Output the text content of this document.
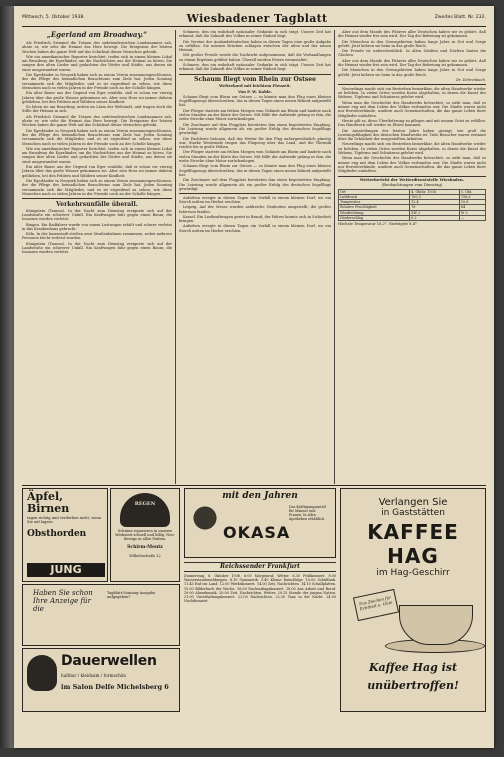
Mittwoch, 5. Oktober 1938.	Wiesbadener Tagblatt	Zweites Blatt. Nr. 232.
„Egerland am Broadway.“

Als Friedrich Grimmel die Tränen des sudetendeutschen Landsmannes sah, ahnte er, wie sehr die Heimat das Herz bewegt. Die Ereignisse der letzten Wochen haben die ganze Welt auf das Schicksal dieser Menschen gelenkt.

Wie ein amerikanischer Reporter berichtet, trafen sich in einem kleinen Lokal am Broadway die Egerländer, um die Nachrichten aus der Heimat zu hören. Sie sangen ihre alten Lieder und gedachten der Dörfer und Städte, aus denen sie einst ausgewandert waren.

Die Egerländer in Neuyork haben sich zu einem Verein zusammengeschlossen, der die Pflege des heimatlichen Brauchtums zum Ziele hat. Jeden Sonntag versammeln sich die Mitglieder, und es ist ergreifend zu sehen, wie diese Menschen nach so vielen Jahren in der Fremde noch an der Scholle hängen.

Ein alter Bauer aus der Gegend von Eger erzählte, daß er schon vor vierzig Jahren über das große Wasser gekommen sei. Aber sein Herz sei immer daheim geblieben, bei den Feldern und Wäldern seiner Kindheit.

So leben sie am Broadway, mitten im Lärm der Weltstadt, und tragen doch die Stille der Heimat in sich.

Als Friedrich Grimmel die Tränen des sudetendeutschen Landsmannes sah, ahnte er, wie sehr die Heimat das Herz bewegt. Die Ereignisse der letzten Wochen haben die ganze Welt auf das Schicksal dieser Menschen gelenkt.

Die Egerländer in Neuyork haben sich zu einem Verein zusammengeschlossen, der die Pflege des heimatlichen Brauchtums zum Ziele hat. Jeden Sonntag versammeln sich die Mitglieder, und es ist ergreifend zu sehen, wie diese Menschen nach so vielen Jahren in der Fremde noch an der Scholle hängen.

Wie ein amerikanischer Reporter berichtet, trafen sich in einem kleinen Lokal am Broadway die Egerländer, um die Nachrichten aus der Heimat zu hören. Sie sangen ihre alten Lieder und gedachten der Dörfer und Städte, aus denen sie einst ausgewandert waren.

Ein alter Bauer aus der Gegend von Eger erzählte, daß er schon vor vierzig Jahren über das große Wasser gekommen sei. Aber sein Herz sei immer daheim geblieben, bei den Feldern und Wäldern seiner Kindheit.

Die Egerländer in Neuyork haben sich zu einem Verein zusammengeschlossen, der die Pflege des heimatlichen Brauchtums zum Ziele hat. Jeden Sonntag versammeln sich die Mitglieder, und es ist ergreifend zu sehen, wie diese Menschen nach so vielen Jahren in der Fremde noch an der Scholle hängen.

Verkehrsunfälle überall.

Königstein (Taunus). In der Nacht zum Dienstag ereignete sich auf der Landstraße ein schwerer Unfall. Ein Kraftwagen fuhr gegen einen Baum; die Insassen wurden verletzt.

Bingen. Ein Radfahrer wurde von einem Lastwagen erfaßt und schwer verletzt in das Krankenhaus gebracht.

Köln. In der Innenstadt stießen zwei Straßenbahnen zusammen, wobei mehrere Personen leicht verletzt wurden.

Königstein (Taunus). In der Nacht zum Dienstag ereignete sich auf der Landstraße ein schwerer Unfall. Ein Kraftwagen fuhr gegen einen Baum; die Insassen wurden verletzt.

Schmerz, den ein wahrhaft nationaler Gedanke in sich trägt. Unsere Zeit hat erkannt, daß die Zukunft des Volkes in seiner Einheit liegt.

Die Vereine der Auslandsdeutschen haben in diesen Tagen eine große Aufgabe zu erfüllen. Sie müssen Brücken schlagen zwischen der alten und der neuen Heimat.

Mit großer Freude wurde die Nachricht aufgenommen, daß die Verhandlungen zu einem Ergebnis geführt haben. Überall wurden Feiern veranstaltet.

Schmerz, den ein wahrhaft nationaler Gedanke in sich trägt. Unsere Zeit hat erkannt, daß die Zukunft des Volkes in seiner Einheit liegt.

Schaum fliegt vom Rhein zur Ostsee
Weltrekord mit leichtem Fleuzeit.
Von P. W. Kahle.

Schaum fliegt vom Rhein zur Ostsee — so könnte man den Flug eines kleinen Segelflugzeugs überschreiben, das in diesen Tagen einen neuen Rekord aufgestellt hat.

Der Flieger startete am frühen Morgen vom Gelände am Rhein und landete nach vielen Stunden an der Küste der Ostsee. Mit Hilfe der Aufwinde gelang es ihm, die weite Strecke ohne Motor zurückzulegen.

Die Zuschauer auf dem Flugplatz bereiteten ihm einen begeisterten Empfang. Die Leistung wurde allgemein als ein großer Erfolg des deutschen Segelflugs gewürdigt.

Die Fachleute betonen, daß das Wetter für den Flug außergewöhnlich günstig war. Starke Westwinde trugen das Flugzeug über das Land, und die Thermik reichte bis in große Höhen.

Der Flieger startete am frühen Morgen vom Gelände am Rhein und landete nach vielen Stunden an der Küste der Ostsee. Mit Hilfe der Aufwinde gelang es ihm, die weite Strecke ohne Motor zurückzulegen.

Schaum fliegt vom Rhein zur Ostsee — so könnte man den Flug eines kleinen Segelflugzeugs überschreiben, das in diesen Tagen einen neuen Rekord aufgestellt hat.

Die Zuschauer auf dem Flugplatz bereiteten ihm einen begeisterten Empfang. Die Leistung wurde allgemein als ein großer Erfolg des deutschen Segelflugs gewürdigt.

Aufsehen erregte in diesen Tagen ein Vorfall in einem kleinen Dorf, wo ein Storch mitten im Herbst erschien.

Leipzig. Auf der Messe wurden zahlreiche Neuheiten ausgestellt, die großes Interesse fanden.

Kassel. Ein Lastkraftwagen geriet in Brand; der Fahrer konnte sich in Sicherheit bringen.

Aufsehen erregte in diesen Tagen ein Vorfall in einem kleinen Dorf, wo ein Storch mitten im Herbst erschien.

Aber aus dem Munde des Führers aller Deutschen haben wir es gehört, daß die Heimat wieder frei sein wird. Der Tag der Befreiung ist gekommen.

Die Menschen in den Grenzgebieten haben lange Jahre in Not und Sorge gelebt. Jetzt kehren sie heim in das große Reich.

Die Freude ist unbeschreiblich. In allen Städten und Dörfern läuten die Glocken.

Aber aus dem Munde des Führers aller Deutschen haben wir es gehört, daß die Heimat wieder frei sein wird. Der Tag der Befreiung ist gekommen.

Die Menschen in den Grenzgebieten haben lange Jahre in Not und Sorge gelebt. Jetzt kehren sie heim in das große Reich.

Dr. Dehrenbach.

Neuerdings macht sich ein Bestreben bemerkbar, die alten Handwerke wieder zu beleben. In vielen Orten werden Kurse abgehalten, in denen die Kunst des Webens, Töpferns und Schnitzens gelehrt wird.

Wenn man die Geschichte des Handwerks betrachtet, so sieht man, daß es immer eng mit dem Leben des Volkes verbunden war. Die Zünfte waren nicht nur Berufsverbände, sondern auch Gemeinschaften, die das ganze Leben ihrer Mitglieder umfaßten.

Heute gilt es, diese Überlieferung zu pflegen und mit neuem Geist zu erfüllen. Das Handwerk soll wieder zu Ehren kommen.

Die Ausstellungen der letzten Jahre haben gezeigt, wie groß die Leistungsfähigkeit des deutschen Handwerks ist. Viele Besucher waren erstaunt über die Schönheit der ausgestellten Arbeiten.

Neuerdings macht sich ein Bestreben bemerkbar, die alten Handwerke wieder zu beleben. In vielen Orten werden Kurse abgehalten, in denen die Kunst des Webens, Töpferns und Schnitzens gelehrt wird.

Wenn man die Geschichte des Handwerks betrachtet, so sieht man, daß es immer eng mit dem Leben des Volkes verbunden war. Die Zünfte waren nicht nur Berufsverbände, sondern auch Gemeinschaften, die das ganze Leben ihrer Mitglieder umfaßten.

Wetterbericht der Wetterdienststelle Wiesbaden.
(Beobachtungen vom Dienstag)
Ort	4. Oktbr. 1938	5. Okt.
Luftdruck	760,3	758,6
Temperatur	12,4	10,8
Relative Feuchtigkeit	78	84
Windrichtung	SW 2	W 3
Niederschlag	0,2	—
Höchste Temperatur 16,2°. Niedrigste 8,4°.
Äpfel, Birnen
tagen richtig und verderben nicht, wenn Sie auf lagern.
Obsthorden
JUNG
REGEN
Schirme reparieren in unserer Werkstatt schnell und billig. Neu-Bezüge in allen Farben.
Schirm-Mentz
Wilhelmstraße 22
Haben Sie schon Ihre Anzeige für die
Tagblatt-Sonntag-Ausgabe aufgegeben?
Dauerwellen
haltbar / kleidsam / formschön
im Salon Delfe Michelsberg 6
mit den Jahren
OKASA
Das Kräftigungsmittel für Männer und Frauen. In allen Apotheken erhältlich.
Reichssender Frankfurt
Donnerstag, 6. Oktober 1938. 6.00 Morgenruf, Wetter. 6.30 Frühkonzert. 8.00 Wasserstandsmeldungen. 8.10 Gymnastik. 9.40 Kleine Ratschläge. 10.00 Schulfunk. 11.45 Ruf ins Land. 12.00 Werkskonzert. 14.00 Zeit, Nachrichten. 14.10 Schallplatten. 15.00 Bilderbuch der Woche. 16.00 Nachmittagskonzert. 18.00 Aus Arbeit und Beruf. 19.00 Abendmusik. 20.00 Zeit, Nachrichten, Wetter. 20.15 Stunde der jungen Nation. 21.00 Unterhaltungskonzert. 22.00 Nachrichten. 22.30 Tanz in die Nacht. 24.00 Nachtkonzert.
Verlangen Sie
in Gaststätten
KAFFEE HAG
im Hag-Geschirr
Das Zeichen für Echtheit u. Güte
Kaffee Hag ist
unübertroffen!
